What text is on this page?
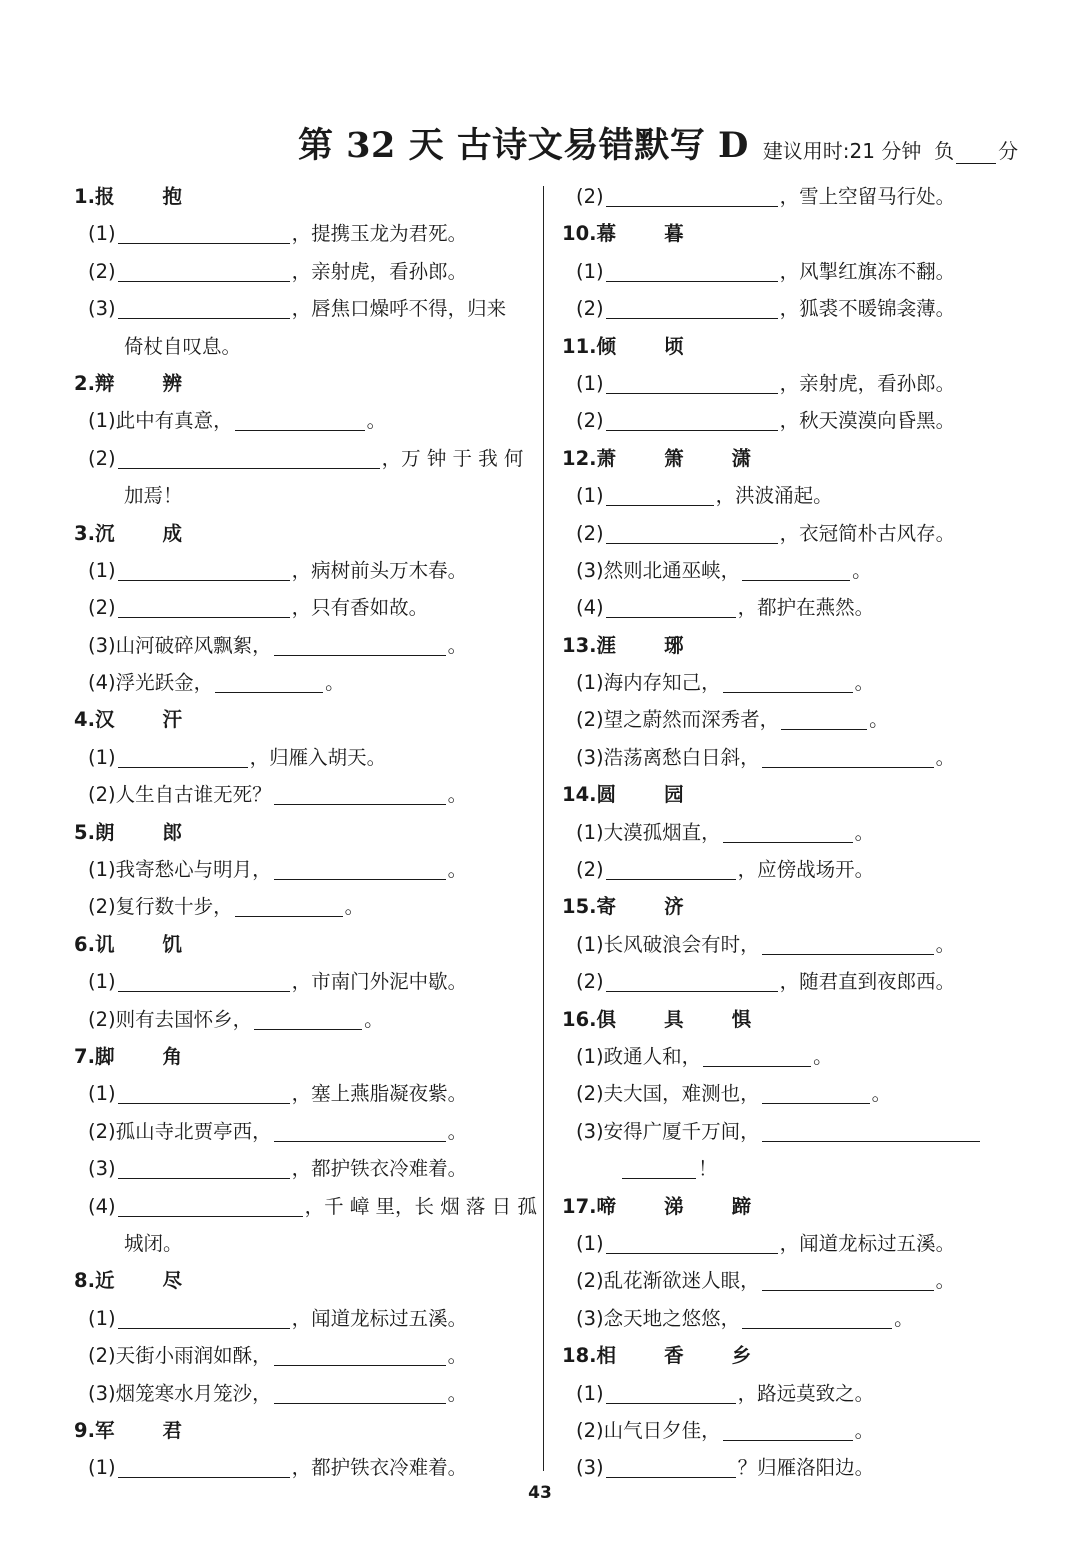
第 32 天 古诗文易错默写 D 建议用时:21 分钟 负 分
1.报 抱
(1)	，提携玉龙为君死。
(2)	，亲射虎，看孙郎。
(3)	，唇焦口燥呼不得，归来
倚杖自叹息。
2.辩 辨
(1)此中有真意，	。
(2)	，万 钟 于 我 何
加焉！
3.沉 成
(1)	，病树前头万木春。
(2)	，只有香如故。
(3)山河破碎风飘絮，	。
(4)浮光跃金，	。
4.汉 汗
(1)	，归雁入胡天。
(2)人生自古谁无死？	。
5.朗 郎
(1)我寄愁心与明月，	。
(2)复行数十步，	。
6.讥 饥
(1)	，市南门外泥中歇。
(2)则有去国怀乡，	。
7.脚 角
(1)	，塞上燕脂凝夜紫。
(2)孤山寺北贾亭西，	。
(3)	，都护铁衣冷难着。
(4)	，千 嶂 里，长 烟 落 日 孤
城闭。
8.近 尽
(1)	，闻道龙标过五溪。
(2)天街小雨润如酥，	。
(3)烟笼寒水月笼沙，	。
9.军 君
(1)	，都护铁衣冷难着。
(2)	，雪上空留马行处。
10.幕 暮
(1)	，风掣红旗冻不翻。
(2)	，狐裘不暖锦衾薄。
11.倾 顷
(1)	，亲射虎，看孙郎。
(2)	，秋天漠漠向昏黑。
12.萧 箫 潇
(1)	，洪波涌起。
(2)	，衣冠简朴古风存。
(3)然则北通巫峡，	。
(4)	，都护在燕然。
13.涯 琊
(1)海内存知己，	。
(2)望之蔚然而深秀者，	。
(3)浩荡离愁白日斜，	。
14.圆 园
(1)大漠孤烟直，	。
(2)	，应傍战场开。
15.寄 济
(1)长风破浪会有时，	。
(2)	，随君直到夜郎西。
16.俱 具 惧
(1)政通人和，	。
(2)夫大国，难测也，	。
(3)安得广厦千万间，
！
17.啼 涕 蹄
(1)	，闻道龙标过五溪。
(2)乱花渐欲迷人眼，	。
(3)念天地之悠悠，	。
18.相 香 乡
(1)	，路远莫致之。
(2)山气日夕佳，	。
(3)	？归雁洛阳边。
43
